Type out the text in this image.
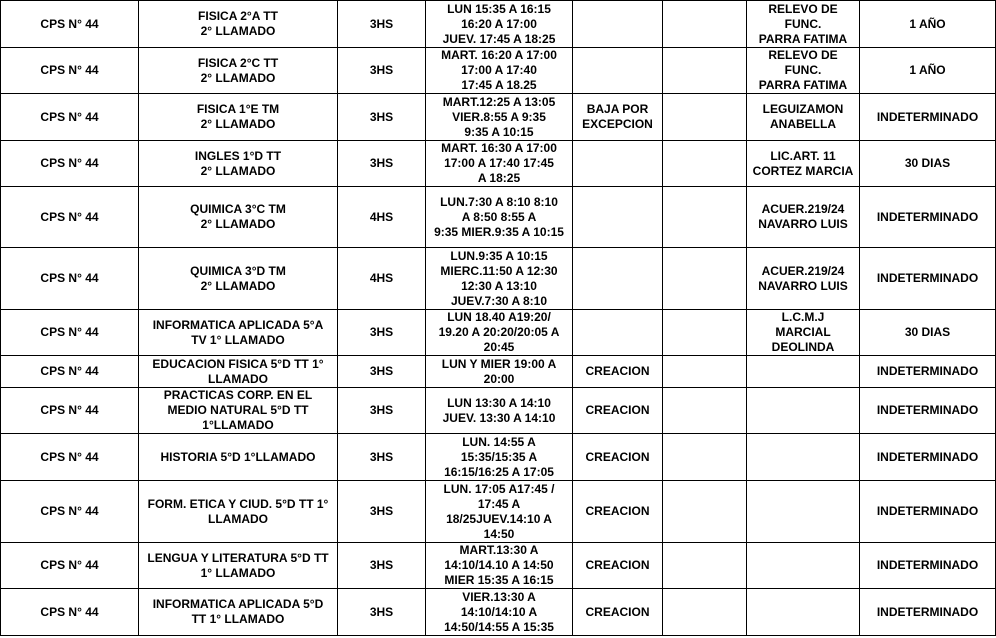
CPS N° 44	FISICA 2°A TT
2° LLAMADO	3HS	LUN 15:35 A 16:15
16:20 A 17:00
JUEV. 17:45 A 18:25			RELEVO DE
FUNC.
PARRA FATIMA	1 AÑO
CPS N° 44	FISICA 2°C TT
2° LLAMADO	3HS	MART. 16:20 A 17:00
17:00 A 17:40
17:45 A 18.25			RELEVO DE
FUNC.
PARRA FATIMA	1 AÑO
CPS N° 44	FISICA 1°E TM
2° LLAMADO	3HS	MART.12:25 A 13:05
VIER.8:55 A 9:35
9:35 A 10:15	BAJA POR
EXCEPCION		LEGUIZAMON
ANABELLA	INDETERMINADO
CPS N° 44	INGLES 1°D TT
2° LLAMADO	3HS	MART. 16:30 A 17:00
17:00 A 17:40 17:45
A 18:25			LIC.ART. 11
CORTEZ MARCIA	30 DIAS
CPS N° 44	QUIMICA 3°C TM
2° LLAMADO	4HS	LUN.7:30 A 8:10 8:10
A 8:50 8:55 A
9:35 MIER.9:35 A 10:15			ACUER.219/24
NAVARRO LUIS	INDETERMINADO
CPS N° 44	QUIMICA 3°D TM
2° LLAMADO	4HS	LUN.9:35 A 10:15
MIERC.11:50 A 12:30
12:30 A 13:10
JUEV.7:30 A 8:10			ACUER.219/24
NAVARRO LUIS	INDETERMINADO
CPS N° 44	INFORMATICA APLICADA 5°A
TV 1° LLAMADO	3HS	LUN 18.40 A19:20/
19.20 A 20:20/20:05 A
20:45			L.C.M.J
MARCIAL
DEOLINDA	30 DIAS
CPS N° 44	EDUCACION FISICA 5°D TT 1°
LLAMADO	3HS	LUN Y MIER 19:00 A
20:00	CREACION			INDETERMINADO
CPS N° 44	PRACTICAS CORP. EN EL
MEDIO NATURAL 5°D TT
1°LLAMADO	3HS	LUN 13:30 A 14:10
JUEV. 13:30 A 14:10	CREACION			INDETERMINADO
CPS N° 44	HISTORIA 5°D 1°LLAMADO	3HS	LUN. 14:55 A
15:35/15:35 A
16:15/16:25 A 17:05	CREACION			INDETERMINADO
CPS N° 44	FORM. ETICA Y CIUD. 5°D TT 1°
LLAMADO	3HS	LUN. 17:05 A17:45 /
17:45 A
18/25JUEV.14:10 A
14:50	CREACION			INDETERMINADO
CPS N° 44	LENGUA Y LITERATURA 5°D TT
1° LLAMADO	3HS	MART.13:30 A
14:10/14.10 A 14:50
MIER 15:35 A 16:15	CREACION			INDETERMINADO
CPS N° 44	INFORMATICA APLICADA 5°D
TT 1° LLAMADO	3HS	VIER.13:30 A
14:10/14:10 A
14:50/14:55 A 15:35	CREACION			INDETERMINADO
